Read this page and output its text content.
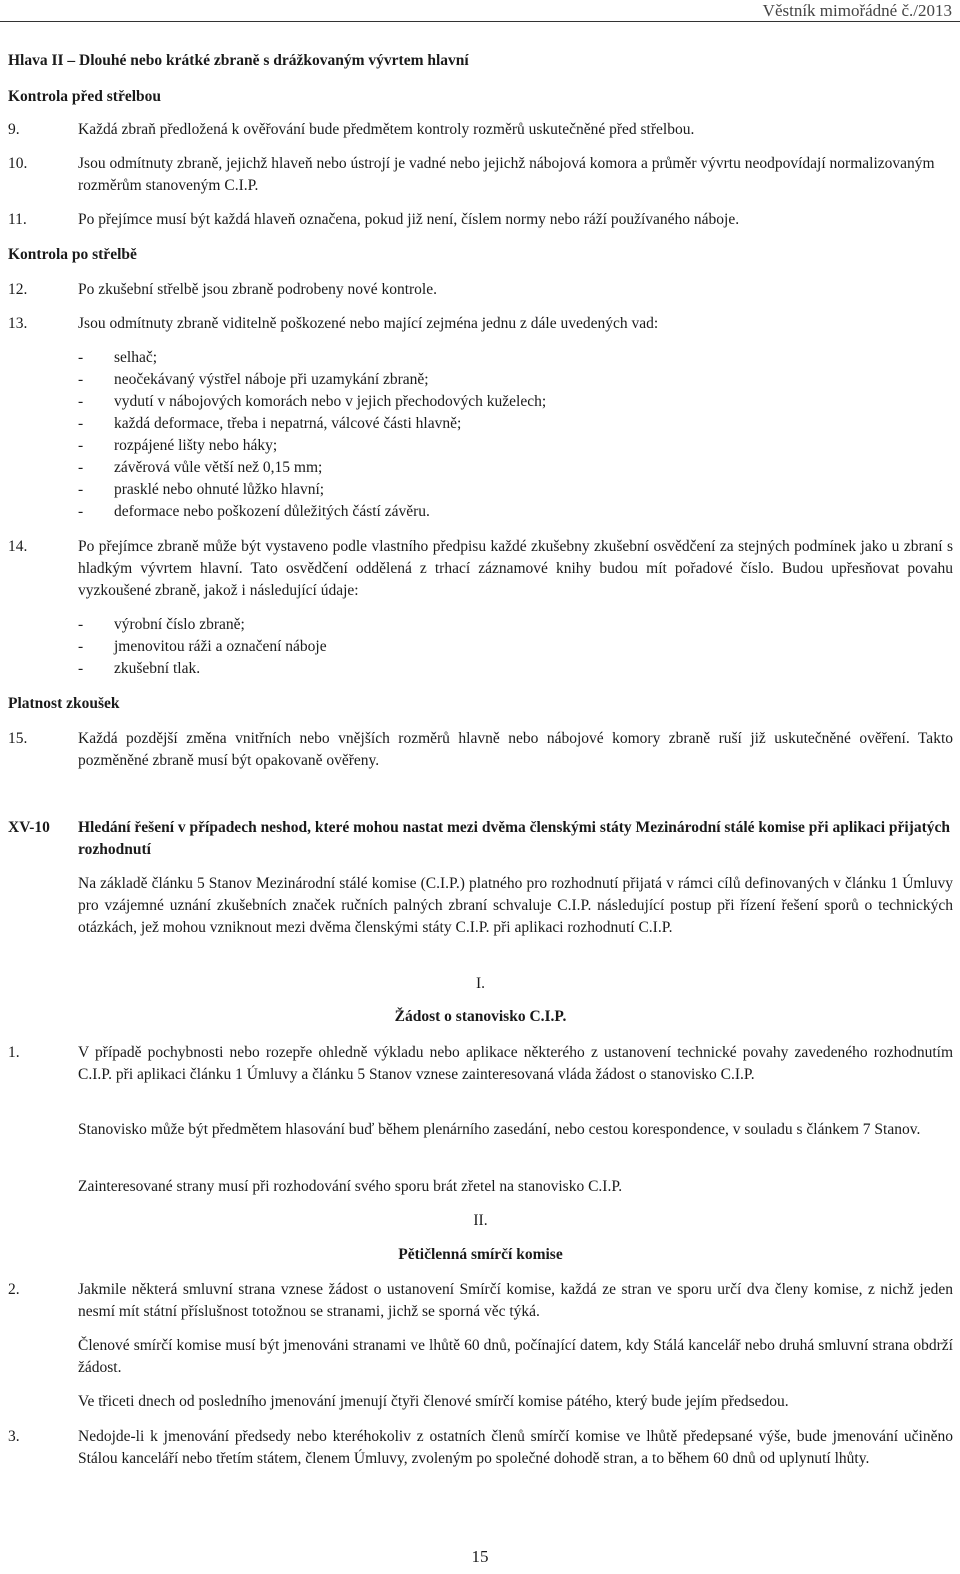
Věstník mimořádné č./2013
Hlava II – Dlouhé nebo krátké zbraně s drážkovaným vývrtem hlavní
Kontrola před střelbou
9.	Každá zbraň předložená k ověřování bude předmětem kontroly rozměrů uskutečněné před střelbou.
10.	Jsou odmítnuty zbraně, jejichž hlaveň nebo ústrojí je vadné nebo jejichž nábojová komora a průměr vývrtu neodpovídají normalizovaným rozměrům stanoveným C.I.P.
11.	Po přejímce musí být každá hlaveň označena, pokud již není, číslem normy nebo ráží používaného náboje.
Kontrola po střelbě
12.	Po zkušební střelbě jsou zbraně podrobeny nové kontrole.
13.	Jsou odmítnuty zbraně viditelně poškozené nebo mající zejména jednu z dále uvedených vad:
- selhač;
- neočekávaný výstřel náboje při uzamykání zbraně;
- vydutí v nábojových komorách nebo v jejich přechodových kuželech;
- každá deformace, třeba i nepatrná, válcové části hlavně;
- rozpájené lišty nebo háky;
- závěrová vůle větší než 0,15 mm;
- prasklé nebo ohnuté lůžko hlavní;
- deformace nebo poškození důležitých částí závěru.
14.	Po přejímce zbraně může být vystaveno podle vlastního předpisu každé zkušebny zkušební osvědčení za stejných podmínek jako u zbraní s hladkým vývrtem hlavní. Tato osvědčení oddělená z trhací záznamové knihy budou mít pořadové číslo. Budou upřesňovat povahu vyzkoušené zbraně, jakož i následující údaje:
- výrobní číslo zbraně;
- jmenovitou ráži a označení náboje
- zkušební tlak.
Platnost zkoušek
15.	Každá pozdější změna vnitřních nebo vnějších rozměrů hlavně nebo nábojové komory zbraně ruší již uskutečněné ověření. Takto pozměněné zbraně musí být opakovaně ověřeny.
XV-10 Hledání řešení v případech neshod, které mohou nastat mezi dvěma členskými státy Mezinárodní stálé komise při aplikaci přijatých rozhodnutí
Na základě článku 5 Stanov Mezinárodní stálé komise (C.I.P.) platného pro rozhodnutí přijatá v rámci cílů definovaných v článku 1 Úmluvy pro vzájemné uznání zkušebních značek ručních palných zbraní schvaluje C.I.P. následující postup při řízení řešení sporů o technických otázkách, jež mohou vzniknout mezi dvěma členskými státy C.I.P. při aplikaci rozhodnutí C.I.P.
I.
Žádost o stanovisko C.I.P.
1.	V případě pochybnosti nebo rozepře ohledně výkladu nebo aplikace některého z ustanovení technické povahy zavedeného rozhodnutím C.I.P. při aplikaci článku 1 Úmluvy a článku 5 Stanov vznese zainteresovaná vláda žádost o stanovisko C.I.P.
Stanovisko může být předmětem hlasování buď během plenárního zasedání, nebo cestou korespondence, v souladu s článkem 7 Stanov.
Zainteresované strany musí při rozhodování svého sporu brát zřetel na stanovisko C.I.P.
II.
Pětičlenná smírčí komise
2.	Jakmile některá smluvní strana vznese žádost o ustanovení Smírčí komise, každá ze stran ve sporu určí dva členy komise, z nichž jeden nesmí mít státní příslušnost totožnou se stranami, jichž se sporná věc týká.
Členové smírčí komise musí být jmenováni stranami ve lhůtě 60 dnů, počínající datem, kdy Stálá kancelář nebo druhá smluvní strana obdrží žádost.
Ve třiceti dnech od posledního jmenování jmenují čtyři členové smírčí komise pátého, který bude jejím předsedou.
3.	Nedojde-li k jmenování předsedy nebo kteréhokoliv z ostatních členů smírčí komise ve lhůtě předepsané výše, bude jmenování učiněno Stálou kanceláří nebo třetím státem, členem Úmluvy, zvoleným po společné dohodě stran, a to během 60 dnů od uplynutí lhůty.
15
